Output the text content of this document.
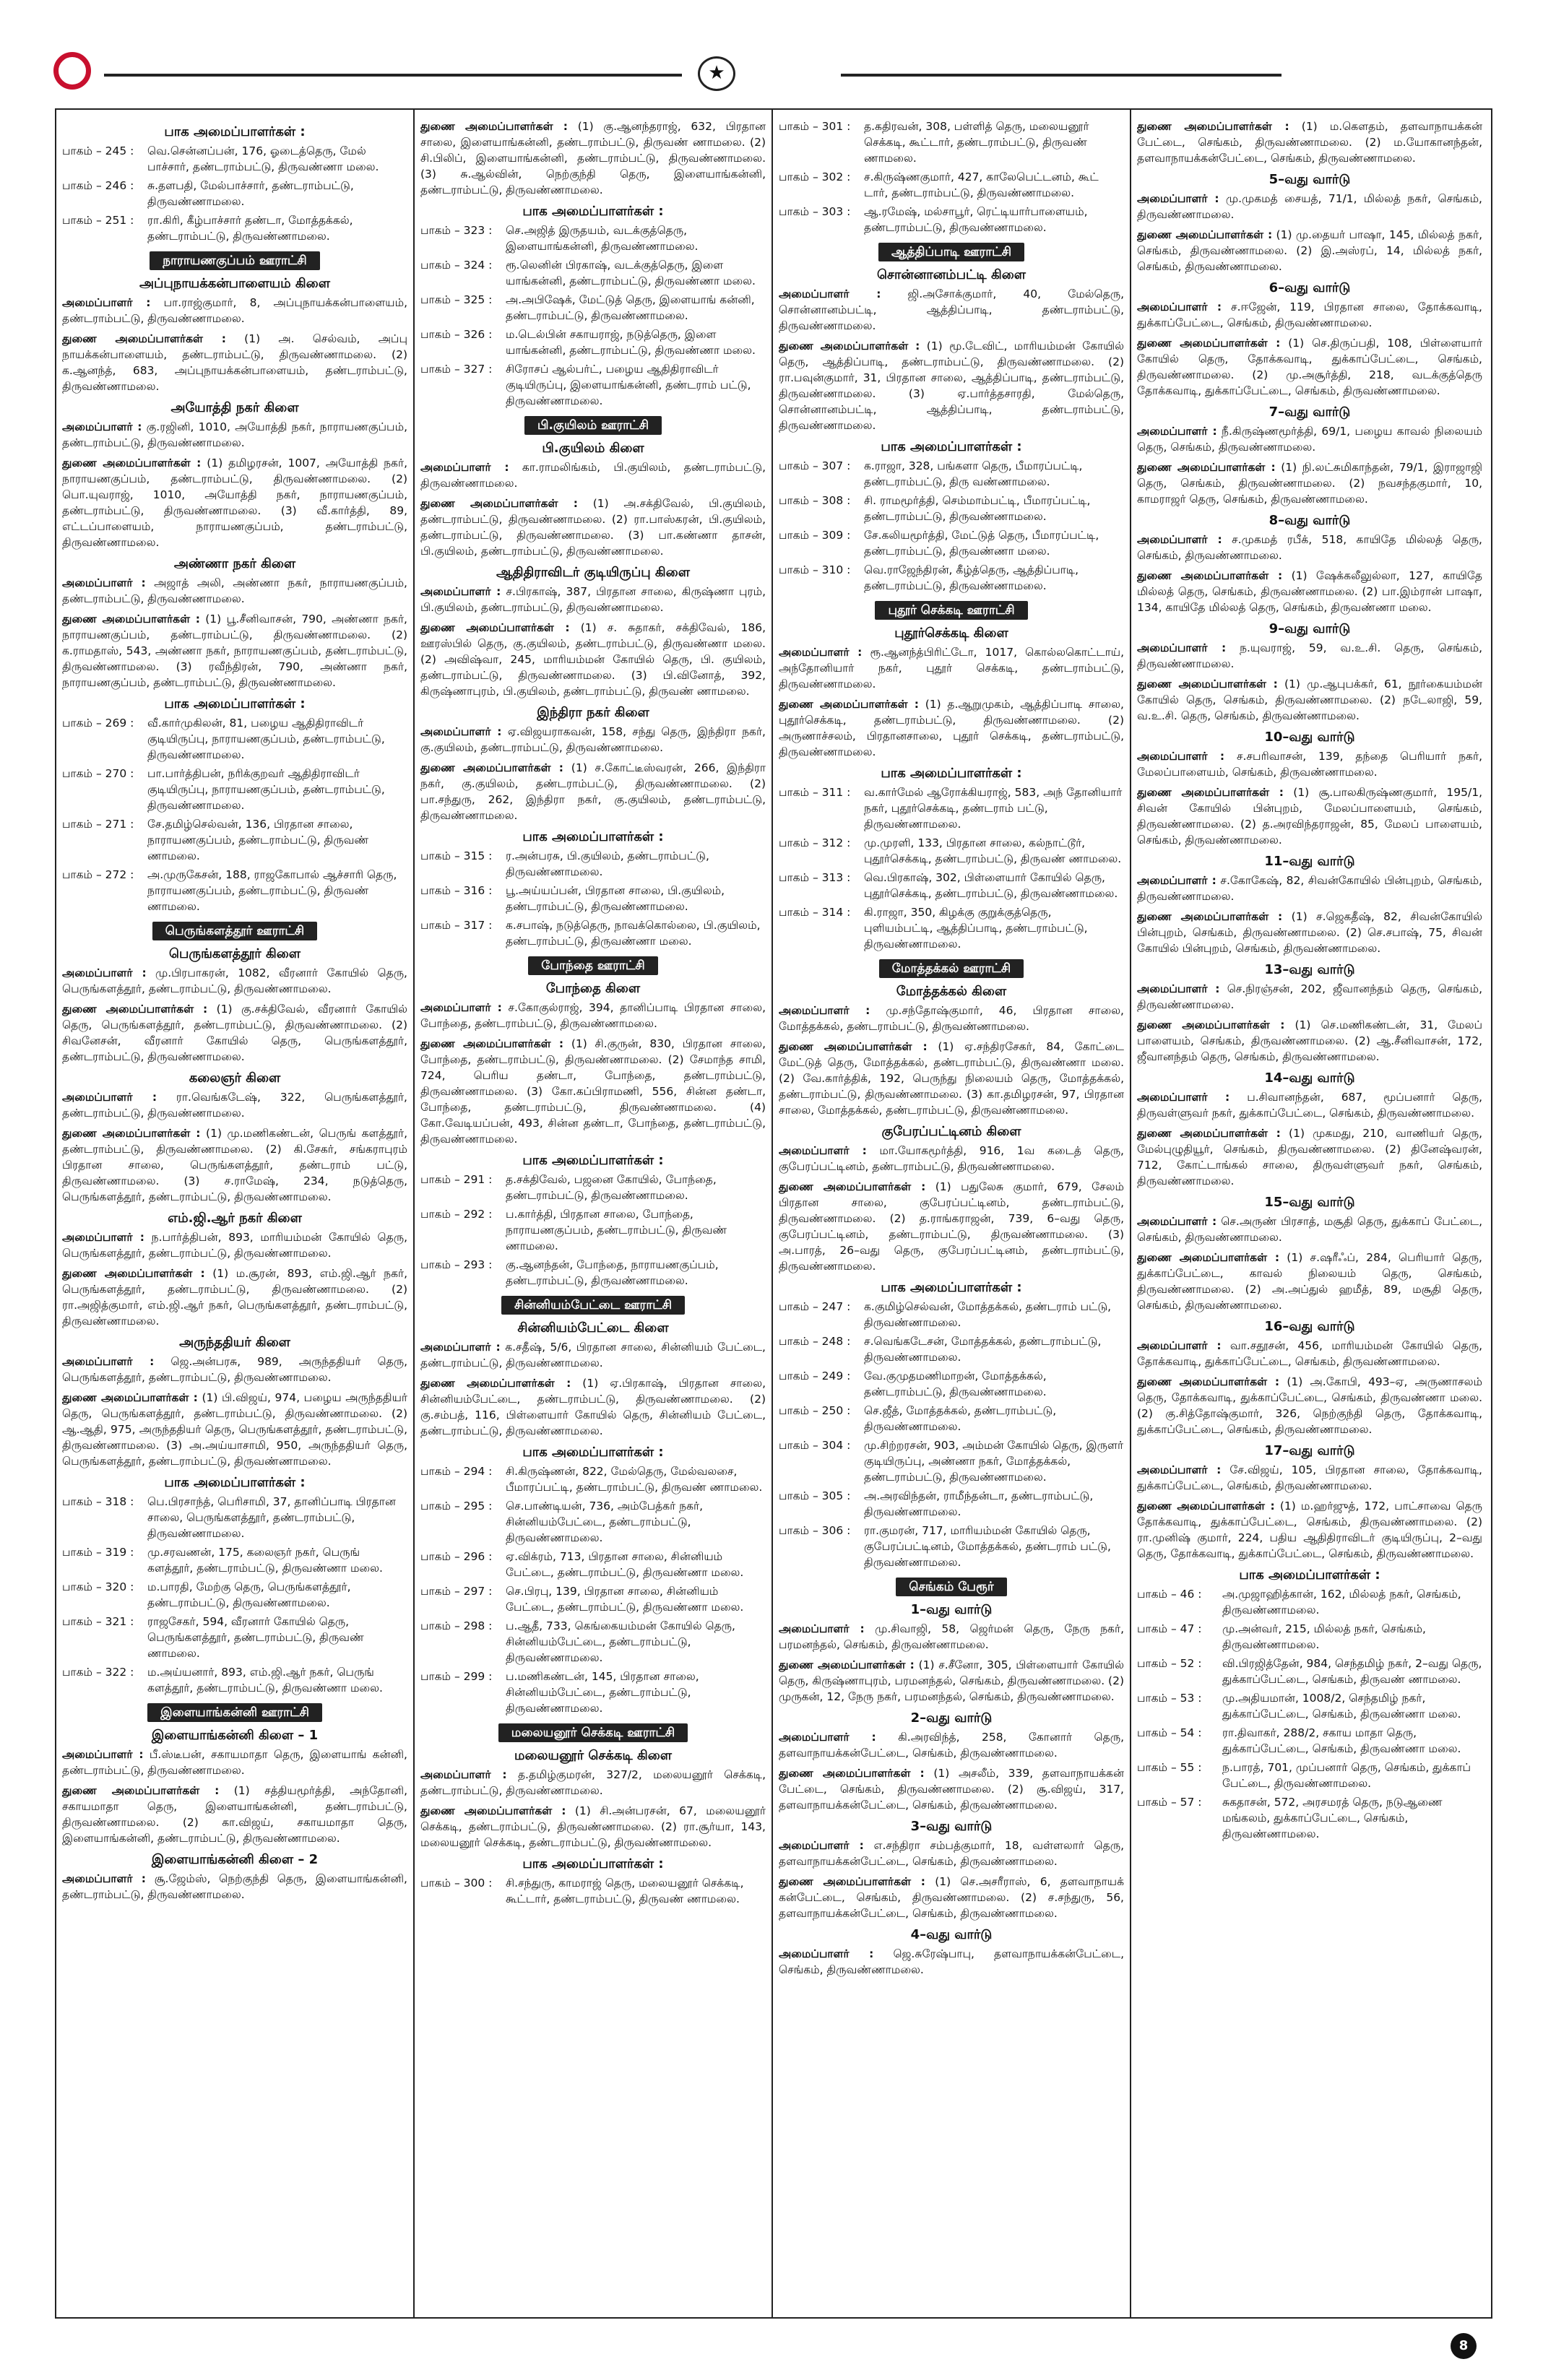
★
பாக அமைப்பாளர்கள் :
பாகம் – 245 :	வெ.சென்னப்பன், 176, ஓடைத்தெரு, மேல் பாச்சார், தண்டராம்பட்டு, திருவண்ணா மலை.
பாகம் – 246 :	சு.தளபதி, மேல்பாச்சார், தண்டராம்பட்டு, திருவண்ணாமலை.
பாகம் – 251 :	ரா.கிரி, கீழ்பாச்சார் தண்டா, மோத்தக்கல், தண்டராம்பட்டு, திருவண்ணாமலை.
நாராயணகுப்பம் ஊராட்சி
அப்புநாயக்கன்பாளையம் கிளை

அமைப்பாளர் : பா.ராஜ்குமார், 8, அப்புநாயக்கன்பாளையம், தண்டராம்பட்டு, திருவண்ணாமலை.

துணை அமைப்பாளர்கள் : (1) அ. செல்வம், அப்பு நாயக்கன்பாளையம், தண்டராம்பட்டு, திருவண்ணாமலை. (2) க.ஆனந்த், 683, அப்புநாயக்கன்பாளையம், தண்டராம்பட்டு, திருவண்ணாமலை.

அயோத்தி நகர் கிளை

அமைப்பாளர் : கு.ரஜினி, 1010, அயோத்தி நகர், நாராயணகுப்பம், தண்டராம்பட்டு, திருவண்ணாமலை.

துணை அமைப்பாளர்கள் : (1) தமிழரசன், 1007, அயோத்தி நகர், நாராயணகுப்பம், தண்டராம்பட்டு, திருவண்ணாமலை. (2) பொ.யுவராஜ், 1010, அயோத்தி நகர், நாராயணகுப்பம், தண்டராம்பட்டு, திருவண்ணாமலை. (3) வீ.கார்த்தி, 89, எட்டப்பாளையம், நாராயணகுப்பம், தண்டராம்பட்டு, திருவண்ணாமலை.

அண்ணா நகர் கிளை

அமைப்பாளர் : அஜாத் அலி, அண்ணா நகர், நாராயணகுப்பம், தண்டராம்பட்டு, திருவண்ணாமலை.

துணை அமைப்பாளர்கள் : (1) பூ.சீனிவாசன், 790, அண்ணா நகர், நாராயணகுப்பம், தண்டராம்பட்டு, திருவண்ணாமலை. (2) க.ராமதாஸ், 543, அண்ணா நகர், நாராயணகுப்பம், தண்டராம்பட்டு, திருவண்ணாமலை. (3) ரவீந்திரன், 790, அண்ணா நகர், நாராயணகுப்பம், தண்டராம்பட்டு, திருவண்ணாமலை.

பாக அமைப்பாளர்கள் :
பாகம் – 269 :	வீ.கார்முகிலன், 81, பழைய ஆதிதிராவிடர் குடியிருப்பு, நாராயணகுப்பம், தண்டராம்பட்டு, திருவண்ணாமலை.
பாகம் – 270 :	பா.பார்த்திபன், நரிக்குறவர் ஆதிதிராவிடர் குடியிருப்பு, நாராயணகுப்பம், தண்டராம்பட்டு, திருவண்ணாமலை.
பாகம் – 271 :	சே.தமிழ்செல்வன், 136, பிரதான சாலை, நாராயணகுப்பம், தண்டராம்பட்டு, திருவண் ணாமலை.
பாகம் – 272 :	அ.முருகேசன், 188, ராஜகோபால் ஆச்சாரி தெரு, நாராயணகுப்பம், தண்டராம்பட்டு, திருவண் ணாமலை.
பெருங்களத்தூர் ஊராட்சி
பெருங்களத்தூர் கிளை

அமைப்பாளர் : மு.பிரபாகரன், 1082, வீரனார் கோயில் தெரு, பெருங்களத்தூர், தண்டராம்பட்டு, திருவண்ணாமலை.

துணை அமைப்பாளர்கள் : (1) கு.சக்திவேல், வீரனார் கோயில் தெரு, பெருங்களத்தூர், தண்டராம்பட்டு, திருவண்ணாமலை. (2) சிவனேசன், வீரனார் கோயில் தெரு, பெருங்களத்தூர், தண்டராம்பட்டு, திருவண்ணாமலை.

கலைஞர் கிளை

அமைப்பாளர் : ரா.வெங்கடேஷ், 322, பெருங்களத்தூர், தண்டராம்பட்டு, திருவண்ணாமலை.

துணை அமைப்பாளர்கள் : (1) மு.மணிகண்டன், பெருங் களத்தூர், தண்டராம்பட்டு, திருவண்ணாமலை. (2) கி.சேகர், சங்கராபுரம் பிரதான சாலை, பெருங்களத்தூர், தண்டராம் பட்டு, திருவண்ணாமலை. (3) ச.ராமேஷ், 234, நடுத்தெரு, பெருங்களத்தூர், தண்டராம்பட்டு, திருவண்ணாமலை.

எம்.ஜி.ஆர் நகர் கிளை

அமைப்பாளர் : ந.பார்த்திபன், 893, மாரியம்மன் கோயில் தெரு, பெருங்களத்தூர், தண்டராம்பட்டு, திருவண்ணாமலை.

துணை அமைப்பாளர்கள் : (1) ம.சூரன், 893, எம்.ஜி.ஆர் நகர், பெருங்களத்தூர், தண்டராம்பட்டு, திருவண்ணாமலை. (2) ரா.அஜித்குமார், எம்.ஜி.ஆர் நகர், பெருங்களத்தூர், தண்டராம்பட்டு, திருவண்ணாமலை.

அருந்ததியர் கிளை

அமைப்பாளர் : ஜெ.அன்பரசு, 989, அருந்ததியர் தெரு, பெருங்களத்தூர், தண்டராம்பட்டு, திருவண்ணாமலை.

துணை அமைப்பாளர்கள் : (1) பி.விஜய், 974, பழைய அருந்ததியர் தெரு, பெருங்களத்தூர், தண்டராம்பட்டு, திருவண்ணாமலை. (2) ஆ.ஆதி, 975, அருந்ததியர் தெரு, பெருங்களத்தூர், தண்டராம்பட்டு, திருவண்ணாமலை. (3) அ.அய்யாசாமி, 950, அருந்ததியர் தெரு, பெருங்களத்தூர், தண்டராம்பட்டு, திருவண்ணாமலை.

பாக அமைப்பாளர்கள் :
பாகம் – 318 :	பெ.பிரசாந்த், பெரிசாமி, 37, தானிப்பாடி பிரதான சாலை, பெருங்களத்தூர், தண்டராம்பட்டு, திருவண்ணாமலை.
பாகம் – 319 :	மு.சரவணன், 175, கலைஞர் நகர், பெருங் களத்தூர், தண்டராம்பட்டு, திருவண்ணா மலை.
பாகம் – 320 :	ம.பாரதி, மேற்கு தெரு, பெருங்களத்தூர், தண்டராம்பட்டு, திருவண்ணாமலை.
பாகம் – 321 :	ராஜசேகர், 594, வீரனார் கோயில் தெரு, பெருங்களத்தூர், தண்டராம்பட்டு, திருவண் ணாமலை.
பாகம் – 322 :	ம.அய்யனார், 893, எம்.ஜி.ஆர் நகர், பெருங் களத்தூர், தண்டராம்பட்டு, திருவண்ணா மலை.
இளையாங்கன்னி ஊராட்சி
இளையாங்கன்னி கிளை – 1

அமைப்பாளர் : பீ.ஸ்டீபன், சகாயமாதா தெரு, இளையாங் கன்னி, தண்டராம்பட்டு, திருவண்ணாமலை.

துணை அமைப்பாளர்கள் : (1) சத்தியமூர்த்தி, அந்தோனி, சகாயமாதா தெரு, இளையாங்கன்னி, தண்டராம்பட்டு, திருவண்ணாமலை. (2) கா.விஜய், சகாயமாதா தெரு, இளையாங்கன்னி, தண்டராம்பட்டு, திருவண்ணாமலை.

இளையாங்கன்னி கிளை – 2

அமைப்பாளர் : சூ.ஜேம்ஸ், நெற்குந்தி தெரு, இளையாங்கன்னி, தண்டராம்பட்டு, திருவண்ணாமலை.

துணை அமைப்பாளர்கள் : (1) கு.ஆனந்தராஜ், 632, பிரதான சாலை, இளையாங்கன்னி, தண்டராம்பட்டு, திருவண் ணாமலை. (2) சி.பிலிப், இளையாங்கன்னி, தண்டராம்பட்டு, திருவண்ணாமலை. (3) சு.ஆல்வின், நெற்குந்தி தெரு, இளையாங்கன்னி, தண்டராம்பட்டு, திருவண்ணாமலை.

பாக அமைப்பாளர்கள் :
பாகம் – 323 :	செ.அஜித் இருதயம், வடக்குத்தெரு, இளையாங்கன்னி, திருவண்ணாமலை.
பாகம் – 324 :	ரூ.லெனின் பிரகாஷ், வடக்குத்தெரு, இளை யாங்கன்னி, தண்டராம்பட்டு, திருவண்ணா மலை.
பாகம் – 325 :	அ.அபிஷேக், மேட்டுத் தெரு, இளையாங் கன்னி, தண்டராம்பட்டு, திருவண்ணாமலை.
பாகம் – 326 :	ம.டெல்பின் சகாயராஜ், நடுத்தெரு, இளை யாங்கன்னி, தண்டராம்பட்டு, திருவண்ணா மலை.
பாகம் – 327 :	சிரோசப் ஆல்பர்ட், பழைய ஆதிதிராவிடர் குடியிருப்பு, இளையாங்கன்னி, தண்டராம் பட்டு, திருவண்ணாமலை.
பி.குயிலம் ஊராட்சி
பி.குயிலம் கிளை

அமைப்பாளர் : கா.ராமலிங்கம், பி.குயிலம், தண்டராம்பட்டு, திருவண்ணாமலை.

துணை அமைப்பாளர்கள் : (1) அ.சக்திவேல், பி.குயிலம், தண்டராம்பட்டு, திருவண்ணாமலை. (2) ரா.பாஸ்கரன், பி.குயிலம், தண்டராம்பட்டு, திருவண்ணாமலை. (3) பா.கண்ணா தாசன், பி.குயிலம், தண்டராம்பட்டு, திருவண்ணாமலை.

ஆதிதிராவிடர் குடியிருப்பு கிளை

அமைப்பாளர் : ச.பிரகாஷ், 387, பிரதான சாலை, கிருஷ்ணா புரம், பி.குயிலம், தண்டராம்பட்டு, திருவண்ணாமலை.

துணை அமைப்பாளர்கள் : (1) ச. சுதாகர், சக்திவேல், 186, ஊரஸ்பில் தெரு, கு.குயிலம், தண்டராம்பட்டு, திருவண்ணா மலை. (2) அவிஷ்வா, 245, மாரியம்மன் கோயில் தெரு, பி. குயிலம், தண்டராம்பட்டு, திருவண்ணாமலை. (3) பி.வினோத், 392, கிருஷ்ணாபுரம், பி.குயிலம், தண்டராம்பட்டு, திருவண் ணாமலை.

இந்திரா நகர் கிளை

அமைப்பாளர் : ஏ.விஜயராகவன், 158, சந்து தெரு, இந்திரா நகர், கு.குயிலம், தண்டராம்பட்டு, திருவண்ணாமலை.

துணை அமைப்பாளர்கள் : (1) ச.கோட்டீஸ்வரன், 266, இந்திரா நகர், கு.குயிலம், தண்டராம்பட்டு, திருவண்ணாமலை. (2) பா.சந்துரு, 262, இந்திரா நகர், கு.குயிலம், தண்டராம்பட்டு, திருவண்ணாமலை.

பாக அமைப்பாளர்கள் :
பாகம் – 315 :	ர.அன்பரசு, பி.குயிலம், தண்டராம்பட்டு, திருவண்ணாமலை.
பாகம் – 316 :	பூ.அய்யப்பன், பிரதான சாலை, பி.குயிலம், தண்டராம்பட்டு, திருவண்ணாமலை.
பாகம் – 317 :	க.சபாஷ், நடுத்தெரு, நாவக்கொல்லை, பி.குயிலம், தண்டராம்பட்டு, திருவண்ணா மலை.
போந்தை ஊராட்சி
போந்தை கிளை

அமைப்பாளர் : ச.கோகுல்ராஜ், 394, தானிப்பாடி பிரதான சாலை, போந்தை, தண்டராம்பட்டு, திருவண்ணாமலை.

துணை அமைப்பாளர்கள் : (1) சி.குருன், 830, பிரதான சாலை, போந்தை, தண்டராம்பட்டு, திருவண்ணாமலை. (2) சேமாந்த சாமி, 724, பெரிய தண்டா, போந்தை, தண்டராம்பட்டு, திருவண்ணாமலை. (3) கோ.கப்பிராமணி, 556, சின்ன தண்டா, போந்தை, தண்டராம்பட்டு, திருவண்ணாமலை. (4) கோ.வேடியப்பன், 493, சின்ன தண்டா, போந்தை, தண்டராம்பட்டு, திருவண்ணாமலை.

பாக அமைப்பாளர்கள் :
பாகம் – 291 :	த.சக்திவேல், பஜனை கோயில், போந்தை, தண்டராம்பட்டு, திருவண்ணாமலை.
பாகம் – 292 :	ப.கார்த்தி, பிரதான சாலை, போந்தை, நாராயணகுப்பம், தண்டராம்பட்டு, திருவண் ணாமலை.
பாகம் – 293 :	கு.ஆனந்தன், போந்தை, நாராயணகுப்பம், தண்டராம்பட்டு, திருவண்ணாமலை.
சின்னியம்பேட்டை ஊராட்சி
சின்னியம்பேட்டை கிளை

அமைப்பாளர் : க.சதீஷ், 5/6, பிரதான சாலை, சின்னியம் பேட்டை, தண்டராம்பட்டு, திருவண்ணாமலை.

துணை அமைப்பாளர்கள் : (1) ஏ.பிரகாஷ், பிரதான சாலை, சின்னியம்பேட்டை, தண்டராம்பட்டு, திருவண்ணாமலை. (2) கு.சம்பத், 116, பிள்ளையார் கோயில் தெரு, சின்னியம் பேட்டை, தண்டராம்பட்டு, திருவண்ணாமலை.

பாக அமைப்பாளர்கள் :
பாகம் – 294 :	சி.கிருஷ்ணன், 822, மேல்தெரு, மேல்வலசை, பீமாரப்பட்டி, தண்டராம்பட்டு, திருவண் ணாமலை.
பாகம் – 295 :	செ.பாண்டியன், 736, அம்பேத்கர் நகர், சின்னியம்பேட்டை, தண்டராம்பட்டு, திருவண்ணாமலை.
பாகம் – 296 :	ஏ.விக்ரம், 713, பிரதான சாலை, சின்னியம் பேட்டை, தண்டராம்பட்டு, திருவண்ணா மலை.
பாகம் – 297 :	செ.பிரபு, 139, பிரதான சாலை, சின்னியம் பேட்டை, தண்டராம்பட்டு, திருவண்ணா மலை.
பாகம் – 298 :	ப.ஆதீ, 733, கெங்கையம்மன் கோயில் தெரு, சின்னியம்பேட்டை, தண்டராம்பட்டு, திருவண்ணாமலை.
பாகம் – 299 :	ப.மணிகண்டன், 145, பிரதான சாலை, சின்னியம்பேட்டை, தண்டராம்பட்டு, திருவண்ணாமலை.
மலையனூர் செக்கடி ஊராட்சி
மலையனூர் செக்கடி கிளை

அமைப்பாளர் : த.தமிழ்குமரன், 327/2, மலையனூர் செக்கடி, தண்டராம்பட்டு, திருவண்ணாமலை.

துணை அமைப்பாளர்கள் : (1) சி.அன்பரசன், 67, மலையனூர் செக்கடி, தண்டராம்பட்டு, திருவண்ணாமலை. (2) ரா.சூர்யா, 143, மலையனூர் செக்கடி, தண்டராம்பட்டு, திருவண்ணாமலை.

பாக அமைப்பாளர்கள் :
பாகம் – 300 :	சி.சந்துரு, காமராஜ் தெரு, மலையனூர் செக்கடி, கூட்டார், தண்டராம்பட்டு, திருவண் ணாமலை.
பாகம் – 301 :	த.கதிரவன், 308, பள்ளித் தெரு, மலையனூர் செக்கடி, கூட்டார், தண்டராம்பட்டு, திருவண் ணாமலை.
பாகம் – 302 :	ச.கிருஷ்ணகுமார், 427, காலேபெட்டனம், கூட் டார், தண்டராம்பட்டு, திருவண்ணாமலை.
பாகம் – 303 :	ஆ.ரமேஷ், மல்சாபூர், ரெட்டியார்பாளையம், தண்டராம்பட்டு, திருவண்ணாமலை.
ஆத்திப்பாடி ஊராட்சி
சொன்னானம்பட்டி கிளை

அமைப்பாளர் : ஜி.அசோக்குமார், 40, மேல்தெரு, சொன்னானம்பட்டி, ஆத்திப்பாடி, தண்டராம்பட்டு, திருவண்ணாமலை.

துணை அமைப்பாளர்கள் : (1) மூ.டேவிட், மாரியம்மன் கோயில் தெரு, ஆத்திப்பாடி, தண்டராம்பட்டு, திருவண்ணாமலை. (2) ரா.பவுன்குமார், 31, பிரதான சாலை, ஆத்திப்பாடி, தண்டராம்பட்டு, திருவண்ணாமலை. (3) ஏ.பார்த்தசாரதி, மேல்தெரு, சொன்னானம்பட்டி, ஆத்திப்பாடி, தண்டராம்பட்டு, திருவண்ணாமலை.

பாக அமைப்பாளர்கள் :
பாகம் – 307 :	க.ராஜா, 328, பங்களா தெரு, பீமாரப்பட்டி, தண்டராம்பட்டு, திரு வண்ணாமலை.
பாகம் – 308 :	சி. ராமமூர்த்தி, செம்மாம்பட்டி, பீமாரப்பட்டி, தண்டராம்பட்டு, திருவண்ணாமலை.
பாகம் – 309 :	சே.கலியமூர்த்தி, மேட்டுத் தெரு, பீமாரப்பட்டி, தண்டராம்பட்டு, திருவண்ணா மலை.
பாகம் – 310 :	வெ.ராஜேந்திரன், கீழ்த்தெரு, ஆத்திப்பாடி, தண்டராம்பட்டு, திருவண்ணாமலை.
புதூர் செக்கடி ஊராட்சி
புதூர்செக்கடி கிளை

அமைப்பாளர் : ரூ.ஆனந்த்பிரிட்டோ, 1017, கொல்லகொட்டாய், அந்தோனியார் நகர், புதூர் செக்கடி, தண்டராம்பட்டு, திருவண்ணாமலை.

துணை அமைப்பாளர்கள் : (1) த.ஆறுமுகம், ஆத்திப்பாடி சாலை, புதூர்செக்கடி, தண்டராம்பட்டு, திருவண்ணாமலை. (2) அருணாச்சலம், பிரதானசாலை, புதூர் செக்கடி, தண்டராம்பட்டு, திருவண்ணாமலை.

பாக அமைப்பாளர்கள் :
பாகம் – 311 :	வ.கார்மேல் ஆரோக்கியராஜ், 583, அந் தோனியார் நகர், புதூர்செக்கடி, தண்டராம் பட்டு, திருவண்ணாமலை.
பாகம் – 312 :	மு.முரளி, 133, பிரதான சாலை, கல்நாட்டூர், புதூர்செக்கடி, தண்டராம்பட்டு, திருவண் ணாமலை.
பாகம் – 313 :	வெ.பிரகாஷ், 302, பிள்ளையார் கோயில் தெரு, புதூர்செக்கடி, தண்டராம்பட்டு, திருவண்ணாமலை.
பாகம் – 314 :	கி.ராஜா, 350, கிழக்கு குறுக்குத்தெரு, புளியம்பட்டி, ஆத்திப்பாடி, தண்டராம்பட்டு, திருவண்ணாமலை.
மோத்தக்கல் ஊராட்சி
மோத்தக்கல் கிளை

அமைப்பாளர் : மு.சந்தோஷ்குமார், 46, பிரதான சாலை, மோத்தக்கல், தண்டராம்பட்டு, திருவண்ணாமலை.

துணை அமைப்பாளர்கள் : (1) ஏ.சந்திரசேகர், 84, கோட்டை மேட்டுத் தெரு, மோத்தக்கல், தண்டராம்பட்டு, திருவண்ணா மலை. (2) வே.கார்த்திக், 192, பெருந்து நிலையம் தெரு, மோத்தக்கல், தண்டராம்பட்டு, திருவண்ணாமலை. (3) கா.தமிழரசன், 97, பிரதான சாலை, மோத்தக்கல், தண்டராம்பட்டு, திருவண்ணாமலை.

குபேரப்பட்டினம் கிளை

அமைப்பாளர் : மா.யோகமூர்த்தி, 916, 1வ கடைத் தெரு, குபேரப்பட்டினம், தண்டராம்பட்டு, திருவண்ணாமலை.

துணை அமைப்பாளர்கள் : (1) பதுலேசு குமார், 679, சேலம் பிரதான சாலை, குபேரப்பட்டினம், தண்டராம்பட்டு, திருவண்ணாமலை. (2) த.ராங்கராஜன், 739, 6–வது தெரு, குபேரப்பட்டினம், தண்டராம்பட்டு, திருவண்ணாமலை. (3) அ.பாரத், 26–வது தெரு, குபேரப்பட்டினம், தண்டராம்பட்டு, திருவண்ணாமலை.

பாக அமைப்பாளர்கள் :
பாகம் – 247 :	க.குமிழ்செல்வன், மோத்தக்கல், தண்டராம் பட்டு, திருவண்ணாமலை.
பாகம் – 248 :	ச.வெங்கடேசன், மோத்தக்கல், தண்டராம்பட்டு, திருவண்ணாமலை.
பாகம் – 249 :	வே.குமுதமணிமாறன், மோத்தக்கல், தண்டராம்பட்டு, திருவண்ணாமலை.
பாகம் – 250 :	செ.ஜீத், மோத்தக்கல், தண்டராம்பட்டு, திருவண்ணாமலை.
பாகம் – 304 :	மு.சிற்றரசன், 903, அம்மன் கோயில் தெரு, இருளர் குடியிருப்பு, அண்ணா நகர், மோத்தக்கல், தண்டராம்பட்டு, திருவண்ணாமலை.
பாகம் – 305 :	அ.அரவிந்தன், ராமீந்தன்டா, தண்டராம்பட்டு, திருவண்ணாமலை.
பாகம் – 306 :	ரா.குமரன், 717, மாரியம்மன் கோயில் தெரு, குபேரப்பட்டினம், மோத்தக்கல், தண்டராம் பட்டு, திருவண்ணாமலை.
செங்கம் பேரூர்
1–வது வார்டு

அமைப்பாளர் : மு.சிவாஜி, 58, ஜெர்மன் தெரு, நேரு நகர், பரமனந்தல், செங்கம், திருவண்ணாமலை.

துணை அமைப்பாளர்கள் : (1) ச.சீனோ, 305, பிள்ளையார் கோயில் தெரு, கிருஷ்ணாபுரம், பரமனந்தல், செங்கம், திருவண்ணாமலை. (2) முருகன், 12, நேரு நகர், பரமனந்தல், செங்கம், திருவண்ணாமலை.

2–வது வார்டு

அமைப்பாளர் : கி.அரவிந்த், 258, கோனார் தெரு, தளவாநாயக்கன்பேட்டை, செங்கம், திருவண்ணாமலை.

துணை அமைப்பாளர்கள் : (1) அசலீம், 339, தளவாநாயக்கன் பேட்டை, செங்கம், திருவண்ணாமலை. (2) சூ.விஜய், 317, தளவாநாயக்கன்பேட்டை, செங்கம், திருவண்ணாமலை.

3–வது வார்டு

அமைப்பாளர் : எ.சந்திரா சம்பத்குமார், 18, வள்ளலார் தெரு, தளவாநாயக்கன்பேட்டை, செங்கம், திருவண்ணாமலை.

துணை அமைப்பாளர்கள் : (1) செ.அசரீராஸ், 6, தளவாநாயக் கன்பேட்டை, செங்கம், திருவண்ணாமலை. (2) ச.சந்துரு, 56, தளவாநாயக்கன்பேட்டை, செங்கம், திருவண்ணாமலை.

4–வது வார்டு

அமைப்பாளர் : ஜெ.சுரேஷ்பாபு, தளவாநாயக்கன்பேட்டை, செங்கம், திருவண்ணாமலை.

துணை அமைப்பாளர்கள் : (1) ம.கௌதம், தளவாநாயக்கன் பேட்டை, செங்கம், திருவண்ணாமலை. (2) ம.யோகானந்தன், தளவாநாயக்கன்பேட்டை, செங்கம், திருவண்ணாமலை.

5–வது வார்டு

அமைப்பாளர் : மு.முகமத் சையத், 71/1, மில்லத் நகர், செங்கம், திருவண்ணாமலை.

துணை அமைப்பாளர்கள் : (1) மு.தையர் பாஷா, 145, மில்லத் நகர், செங்கம், திருவண்ணாமலை. (2) இ.அஸ்ரப், 14, மில்லத் நகர், செங்கம், திருவண்ணாமலை.

6–வது வார்டு

அமைப்பாளர் : ச.ஈஜேன், 119, பிரதான சாலை, தோக்கவாடி, துக்காப்பேட்டை, செங்கம், திருவண்ணாமலை.

துணை அமைப்பாளர்கள் : (1) செ.திருப்பதி, 108, பிள்ளையார் கோயில் தெரு, தோக்கவாடி, துக்காப்பேட்டை, செங்கம், திருவண்ணாமலை. (2) மு.அசூர்த்தி, 218, வடக்குத்தெரு தோக்கவாடி, துக்காப்பேட்டை, செங்கம், திருவண்ணாமலை.

7–வது வார்டு

அமைப்பாளர் : நீ.கிருஷ்ணமூர்த்தி, 69/1, பழைய காவல் நிலையம் தெரு, செங்கம், திருவண்ணாமலை.

துணை அமைப்பாளர்கள் : (1) நி.லட்சுமிகாந்தன், 79/1, இராஜாஜி தெரு, செங்கம், திருவண்ணாமலை. (2) நவசந்தகுமார், 10, காமராஜர் தெரு, செங்கம், திருவண்ணாமலை.

8–வது வார்டு

அமைப்பாளர் : ச.முகமத் ரபீக், 518, காயிதே மில்லத் தெரு, செங்கம், திருவண்ணாமலை.

துணை அமைப்பாளர்கள் : (1) ஷேக்கலீலுல்லா, 127, காயிதே மில்லத் தெரு, செங்கம், திருவண்ணாமலை. (2) பா.இம்ரான் பாஷா, 134, காயிதே மில்லத் தெரு, செங்கம், திருவண்ணா மலை.

9–வது வார்டு

அமைப்பாளர் : ந.யுவராஜ், 59, வ.உ.சி. தெரு, செங்கம், திருவண்ணாமலை.

துணை அமைப்பாளர்கள் : (1) மு.ஆபுபக்கர், 61, நூர்கையம்மன் கோயில் தெரு, செங்கம், திருவண்ணாமலை. (2) நடேலாஜி, 59, வ.உ.சி. தெரு, செங்கம், திருவண்ணாமலை.

10–வது வார்டு

அமைப்பாளர் : ச.சபரிவாசன், 139, தந்தை பெரியார் நகர், மேலப்பாளையம், செங்கம், திருவண்ணாமலை.

துணை அமைப்பாளர்கள் : (1) சூ.பாலகிருஷ்ணகுமார், 195/1, சிவன் கோயில் பின்புறம், மேலப்பாளையம், செங்கம், திருவண்ணாமலை. (2) த.அரவிந்தராஜன், 85, மேலப் பாளையம், செங்கம், திருவண்ணாமலை.

11–வது வார்டு

அமைப்பாளர் : ச.கோகேஷ், 82, சிவன்கோயில் பின்புறம், செங்கம், திருவண்ணாமலை.

துணை அமைப்பாளர்கள் : (1) ச.ஜெகதீஷ், 82, சிவன்கோயில் பின்புறம், செங்கம், திருவண்ணாமலை. (2) செ.சபாஷ், 75, சிவன் கோயில் பின்புறம், செங்கம், திருவண்ணாமலை.

13–வது வார்டு

அமைப்பாளர் : செ.நிரஞ்சன், 202, ஜீவானந்தம் தெரு, செங்கம், திருவண்ணாமலை.

துணை அமைப்பாளர்கள் : (1) செ.மணிகண்டன், 31, மேலப் பாளையம், செங்கம், திருவண்ணாமலை. (2) ஆ.சீனிவாசன், 172, ஜீவானந்தம் தெரு, செங்கம், திருவண்ணாமலை.

14–வது வார்டு

அமைப்பாளர் : ப.சிவானந்தன், 687, மூப்பனார் தெரு, திருவள்ளுவர் நகர், துக்காப்பேட்டை, செங்கம், திருவண்ணாமலை.

துணை அமைப்பாளர்கள் : (1) முகமது, 210, வாணியர் தெரு, மேல்புழுதியூர், செங்கம், திருவண்ணாமலை. (2) தினேஷ்வரன், 712, கோட்டாங்கல் சாலை, திருவள்ளுவர் நகர், செங்கம், திருவண்ணாமலை.

15–வது வார்டு

அமைப்பாளர் : செ.அருண் பிரசாத், மசூதி தெரு, துக்காப் பேட்டை, செங்கம், திருவண்ணாமலை.

துணை அமைப்பாளர்கள் : (1) ச.ஷரீஃப், 284, பெரியார் தெரு, துக்காப்பேட்டை, காவல் நிலையம் தெரு, செங்கம், திருவண்ணாமலை. (2) அ.அப்துல் ஹமீத், 89, மசூதி தெரு, செங்கம், திருவண்ணாமலை.

16–வது வார்டு

அமைப்பாளர் : வா.சதூசன், 456, மாரியம்மன் கோயில் தெரு, தோக்கவாடி, துக்காப்பேட்டை, செங்கம், திருவண்ணாமலை.

துணை அமைப்பாளர்கள் : (1) அ.கோபி, 493–ஏ, அருணாசலம் தெரு, தோக்கவாடி, துக்காப்பேட்டை, செங்கம், திருவண்ணா மலை. (2) கு.சித்தோஷ்குமார், 326, நெற்குந்தி தெரு, தோக்கவாடி, துக்காப்பேட்டை, செங்கம், திருவண்ணாமலை.

17–வது வார்டு

அமைப்பாளர் : சே.விஜய், 105, பிரதான சாலை, தோக்கவாடி, துக்காப்பேட்டை, செங்கம், திருவண்ணாமலை.

துணை அமைப்பாளர்கள் : (1) ம.ஹர்ஜுத், 172, பாட்சாவை தெரு தோக்கவாடி, துக்காப்பேட்டை, செங்கம், திருவண்ணாமலை. (2) ரா.முனிஷ் குமார், 224, பதிய ஆதிதிராவிடர் குடியிருப்பு, 2–வது தெரு, தோக்கவாடி, துக்காப்பேட்டை, செங்கம், திருவண்ணாமலை.

பாக அமைப்பாளர்கள் :
பாகம் – 46 :	அ.முஜாஹித்கான், 162, மில்லத் நகர், செங்கம், திருவண்ணாமலை.
பாகம் – 47 :	மு.அன்வர், 215, மில்லத் நகர், செங்கம், திருவண்ணாமலை.
பாகம் – 52 :	வி.பிரஜித்தேன், 984, செந்தமிழ் நகர், 2–வது தெரு, துக்காப்பேட்டை, செங்கம், திருவண் ணாமலை.
பாகம் – 53 :	மு.அதியமான், 1008/2, செந்தமிழ் நகர், துக்காப்பேட்டை, செங்கம், திருவண்ணா மலை.
பாகம் – 54 :	ரா.திவாகர், 288/2, சகாய மாதா தெரு, துக்காப்பேட்டை, செங்கம், திருவண்ணா மலை.
பாகம் – 55 :	ந.பாரத், 701, முப்பனார் தெரு, செங்கம், துக்காப் பேட்டை, திருவண்ணாமலை.
பாகம் – 57 :	சுகதாசன், 572, அரசமரத் தெரு, நடுஆணை மங்கலம், துக்காப்பேட்டை, செங்கம், திருவண்ணாமலை.
8
